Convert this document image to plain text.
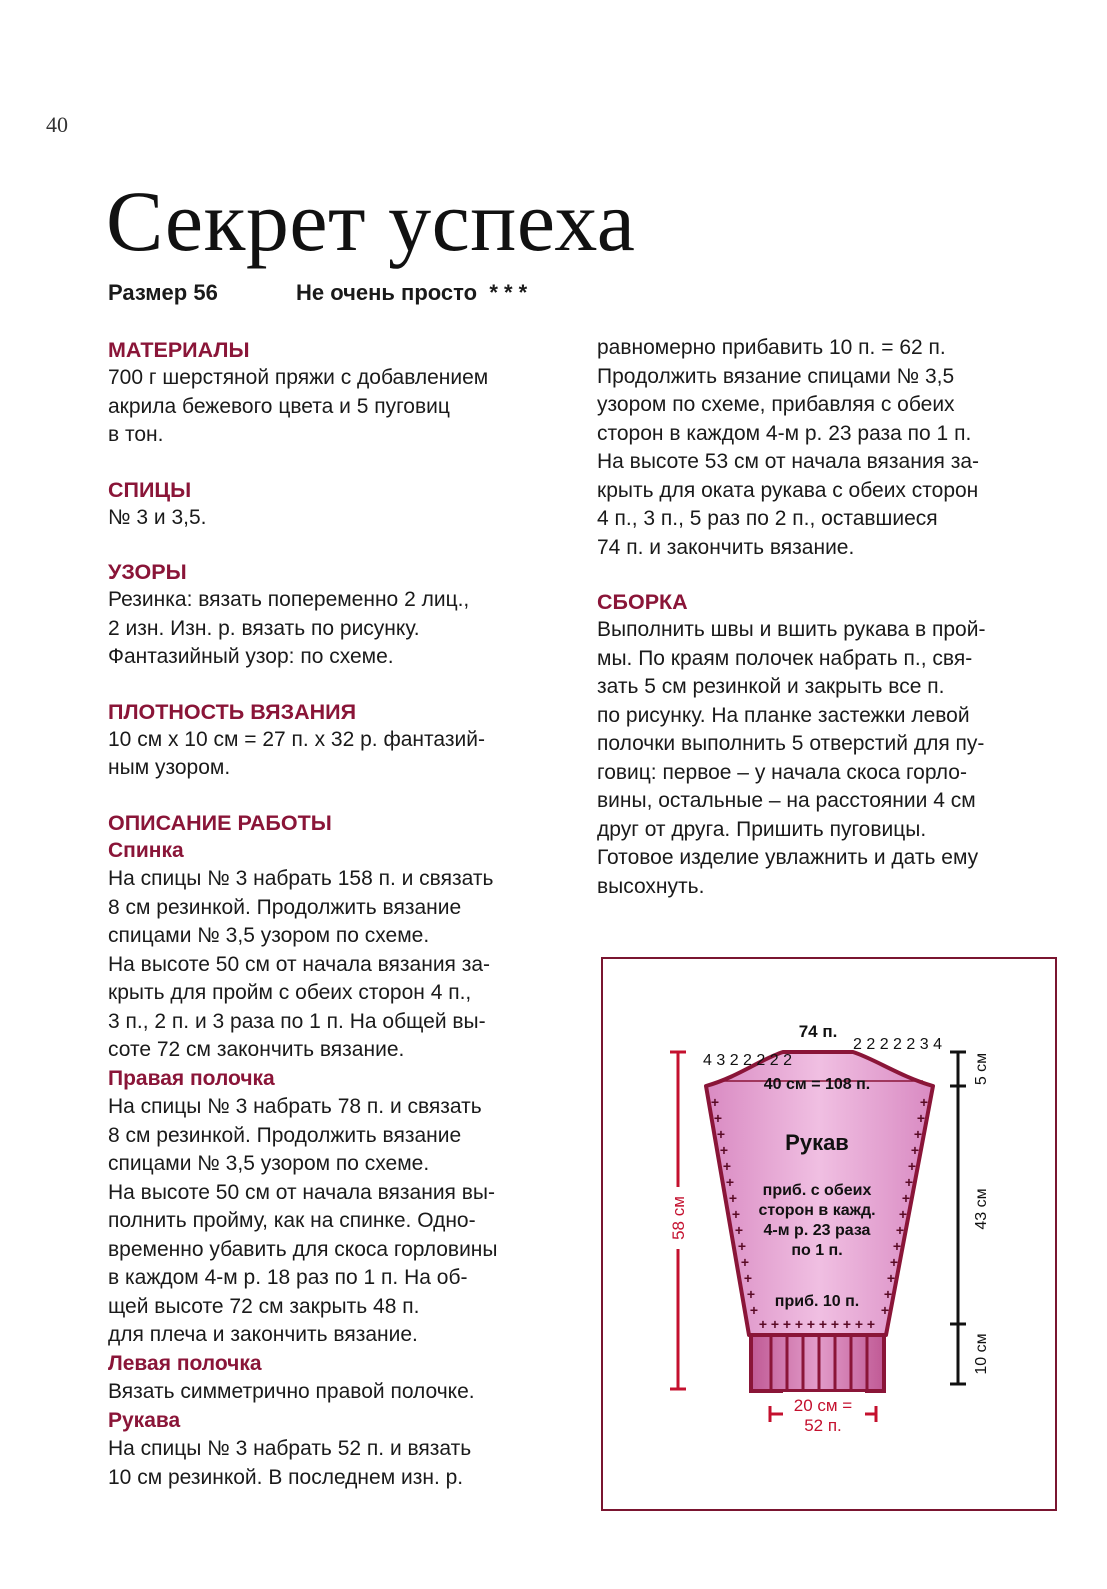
40
Секрет успеха
Размер 56	Не очень просто * * *
МАТЕРИАЛЫ

700 г шерстяной пряжи с добавлением

акрила бежевого цвета и 5 пуговиц

в тон.

СПИЦЫ

№ 3 и 3,5.

УЗОРЫ

Резинка: вязать попеременно 2 лиц.,

2 изн. Изн. р. вязать по рисунку.

Фантазийный узор: по схеме.

ПЛОТНОСТЬ ВЯЗАНИЯ

10 см х 10 см = 27 п. х 32 р. фантазий-

ным узором.

ОПИСАНИЕ РАБОТЫ
Спинка

На спицы № 3 набрать 158 п. и связать

8 см резинкой. Продолжить вязание

спицами № 3,5 узором по схеме.

На высоте 50 см от начала вязания за-

крыть для пройм с обеих сторон 4 п.,

3 п., 2 п. и 3 раза по 1 п. На общей вы-

соте 72 см закончить вязание.

Правая полочка

На спицы № 3 набрать 78 п. и связать

8 см резинкой. Продолжить вязание

спицами № 3,5 узором по схеме.

На высоте 50 см от начала вязания вы-

полнить пройму, как на спинке. Одно-

временно убавить для скоса горловины

в каждом 4-м р. 18 раз по 1 п. На об-

щей высоте 72 см закрыть 48 п.

для плеча и закончить вязание.

Левая полочка

Вязать симметрично правой полочке.

Рукава

На спицы № 3 набрать 52 п. и вязать

10 см резинкой. В последнем изн. р.

равномерно прибавить 10 п. = 62 п.

Продолжить вязание спицами № 3,5

узором по схеме, прибавляя с обеих

сторон в каждом 4-м р. 23 раза по 1 п.

На высоте 53 см от начала вязания за-

крыть для оката рукава с обеих сторон

4 п., 3 п., 5 раз по 2 п., оставшиеся

74 п. и закончить вязание.

СБОРКА

Выполнить швы и вшить рукава в прой-

мы. По краям полочек набрать п., свя-

зать 5 см резинкой и закрыть все п.

по рисунку. На планке застежки левой

полочки выполнить 5 отверстий для пу-

говиц: первое – у начала скоса горло-

вины, остальные – на расстоянии 4 см

друг от друга. Пришить пуговицы.

Готовое изделие увлажнить и дать ему

высохнуть.

+
+
+
+
+
+
+
+
+
+
+
+
+
+
+
+
+
+
+
+
+
+
+
+
+
+
+
+
+ + + + + + + + + +
4 3 2 2 2 2 2
74 п.
2 2 2 2 2 3 4
40 см = 108 п.
Рукав
приб. с обеих
сторон в кажд.
4-м р. 23 раза
по 1 п.
приб. 10 п.
58 см
5 см
43 см
10 см
20 см =
52 п.
